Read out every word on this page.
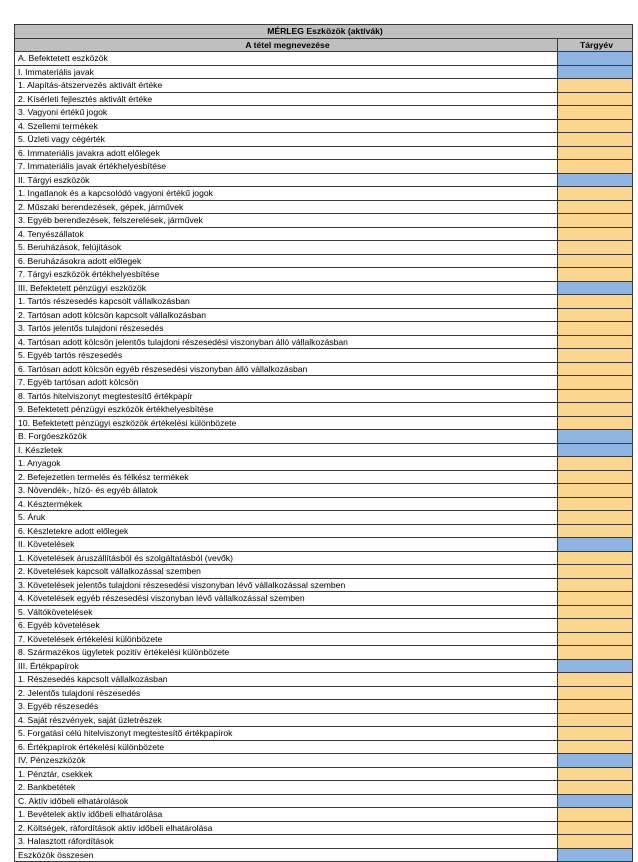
MÉRLEG Eszközök (aktívák)	
A tétel megnevezése	Tárgyév
A. Befektetett eszközök	
I. Immateriális javak	
1. Alapítás-átszervezés aktivált értéke	
2. Kísérleti fejlesztés aktivált értéke	
3. Vagyoni értékű jogok	
4. Szellemi termékek	
5. Üzleti vagy cégérték	
6. Immateriális javakra adott előlegek	
7. Immateriális javak értékhelyesbítése	
II. Tárgyi eszközök	
1. Ingatlanok és a kapcsolódó vagyoni értékű jogok	
2. Műszaki berendezések, gépek, járművek	
3. Egyéb berendezések, felszerelések, járművek	
4. Tenyészállatok	
5. Beruházások, felújítások	
6. Beruházásokra adott előlegek	
7. Tárgyi eszközök értékhelyesbítése	
III. Befektetett pénzügyi eszközök	
1. Tartós részesedés kapcsolt vállalkozásban	
2. Tartósan adott kölcsön kapcsolt vállalkozásban	
3. Tartós jelentős tulajdoni részesedés	
4. Tartósan adott kölcsön jelentős tulajdoni részesedési viszonyban álló vállalkozásban	
5. Egyéb tartós részesedés	
6. Tartósan adott kölcsön egyéb részesedési viszonyban álló vállalkozásban	
7. Egyéb tartósan adott kölcsön	
8. Tartós hitelviszonyt megtestesítő értékpapír	
9. Befektetett pénzügyi eszközök értékhelyesbítése	
10. Befektetett pénzügyi eszközök értékelési különbözete	
B. Forgóeszközök	
I. Készletek	
1. Anyagok	
2. Befejezetlen termelés és félkész termékek	
3. Növendék-, hízó- és egyéb állatok	
4. Késztermékek	
5. Áruk	
6. Készletekre adott előlegek	
II. Követelések	
1. Követelések áruszállításból és szolgáltatásból (vevők)	
2. Követelések kapcsolt vállalkozással szemben	
3. Követelések jelentős tulajdoni részesedési viszonyban lévő vállalkozással szemben	
4. Követelések egyéb részesedési viszonyban lévő vállalkozással szemben	
5. Váltókövetelések	
6. Egyéb követelések	
7. Követelések értékelési különbözete	
8. Származékos ügyletek pozitív értékelési különbözete	
III. Értékpapírok	
1. Részesedés kapcsolt vállalkozásban	
2. Jelentős tulajdoni részesedés	
3. Egyéb részesedés	
4. Saját részvények, saját üzletrészek	
5. Forgatási célú hitelviszonyt megtestesítő értékpapírok	
6. Értékpapírok értékelési különbözete	
IV. Pénzeszközök	
1. Pénztár, csekkek	
2. Bankbetétek	
C. Aktív időbeli elhatárolások	
1. Bevételek aktív időbeli elhatárolása	
2. Költségek, ráfordítások aktív időbeli elhatárolása	
3. Halasztott ráfordítások	
Eszközök összesen	
